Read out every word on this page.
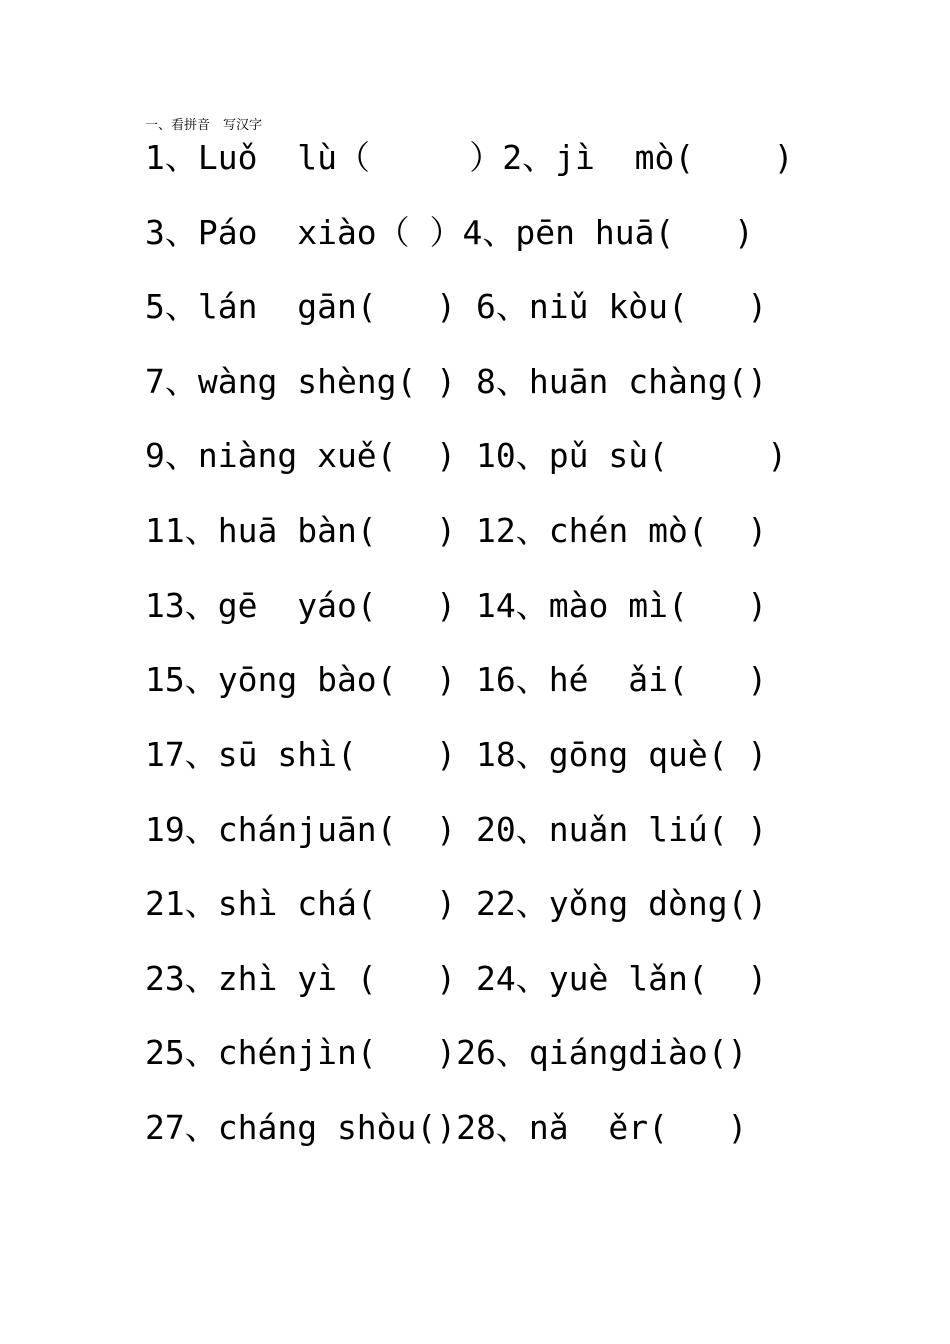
一、看拼音　写汉字
1、Luǒ  lù（     ）2、jì  mò(    )
3、Páo  xiào（ ）4、pēn huā(   )
5、lán  gān(   ) 6、niǔ kòu(   )
7、wàng shèng( ) 8、huān chàng()
9、niàng xuě(  ) 10、pǔ sù(     )
11、huā bàn(   ) 12、chén mò(  )
13、gē  yáo(   ) 14、mào mì(   )
15、yōng bào(  ) 16、hé  ǎi(   )
17、sū shì(    ) 18、gōng què( )
19、chánjuān(  ) 20、nuǎn liú( )
21、shì chá(   ) 22、yǒng dòng()
23、zhì yì (   ) 24、yuè lǎn(  )
25、chénjìn(   )26、qiángdiào()
27、cháng shòu()28、nǎ  ěr(   )
